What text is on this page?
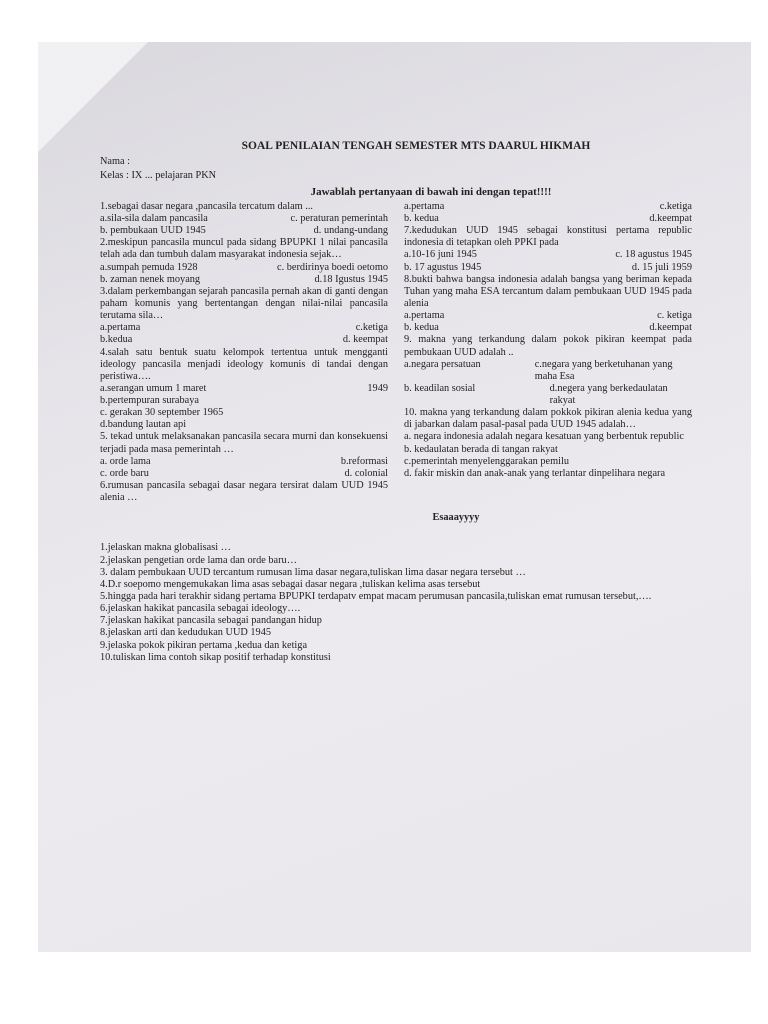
SOAL PENILAIAN TENGAH SEMESTER MTS DAARUL HIKMAH
Nama :
Kelas : IX ... pelajaran PKN
Jawablah pertanyaan di bawah ini dengan tepat!!!!

1.sebagai dasar negara ,pancasila tercatum dalam ...

a.sila-sila dalam pancasila	c. peraturan pemerintah
b. pembukaan UUD 1945	d. undang-undang

2.meskipun pancasila muncul pada sidang BPUPKI 1 nilai pancasila telah ada dan tumbuh dalam masyarakat indonesia sejak…

a.sumpah pemuda 1928	c. berdirinya boedi oetomo
b. zaman nenek moyang	d.18 Igustus 1945

3.dalam perkembangan sejarah pancasila pernah akan di ganti dengan paham komunis yang bertentangan dengan nilai-nilai pancasila terutama sila…

a.pertama	c.ketiga
b.kedua	d. keempat

4.salah satu bentuk suatu kelompok tertentua untuk mengganti ideology pancasila menjadi ideology komunis di tandai dengan peristiwa….

a.serangan umum 1 maret	1949

b.pertempuran surabaya

c. gerakan 30 september 1965

d.bandung lautan api

5. tekad untuk melaksanakan pancasila secara murni dan konsekuensi terjadi pada masa pemerintah …

a. orde lama	b.reformasi
c. orde baru	d. colonial

6.rumusan pancasila sebagai dasar negara tersirat dalam UUD 1945 alenia …

a.pertama	c.ketiga
b. kedua	d.keempat

7.kedudukan UUD 1945 sebagai konstitusi pertama republic indonesia di tetapkan oleh PPKI pada

a.10-16 juni 1945	c. 18 agustus 1945
b. 17 agustus 1945	d. 15 juli 1959

8.bukti bahwa bangsa indonesia adalah bangsa yang beriman kepada Tuhan yang maha ESA tercantum dalam pembukaan UUD 1945 pada alenia

a.pertama	c. ketiga
b. kedua	d.keempat

9. makna yang terkandung dalam pokok pikiran keempat pada pembukaan UUD adalah ..

a.negara persatuan	c.negara yang berketuhanan yang maha Esa
b. keadilan sosial	d.negera yang berkedaulatan rakyat

10. makna yang terkandung dalam pokkok pikiran alenia kedua yang di jabarkan dalam pasal-pasal pada UUD 1945 adalah…

a. negara indonesia adalah negara kesatuan yang berbentuk republic

b. kedaulatan berada di tangan rakyat

c.pemerintah menyelenggarakan pemilu

d. fakir miskin dan anak-anak yang terlantar dinpelihara negara

Esaaayyyy

1.jelaskan makna globalisasi …

2.jelaskan pengetian orde lama dan orde baru…

3. dalam pembukaan UUD tercantum rumusan lima dasar negara,tuliskan lima dasar negara tersebut …

4.D.r soepomo mengemukakan lima asas sebagai dasar negara ,tuliskan kelima asas tersebut

5.hingga pada hari terakhir sidang pertama BPUPKI terdapatv empat macam perumusan pancasila,tuliskan emat rumusan tersebut,….

6.jelaskan hakikat pancasila sebagai ideology….

7.jelaskan hakikat pancasila sebagai pandangan hidup

8.jelaskan arti dan kedudukan UUD 1945

9.jelaska pokok pikiran pertama ,kedua dan ketiga

10.tuliskan lima contoh sikap positif terhadap konstitusi
